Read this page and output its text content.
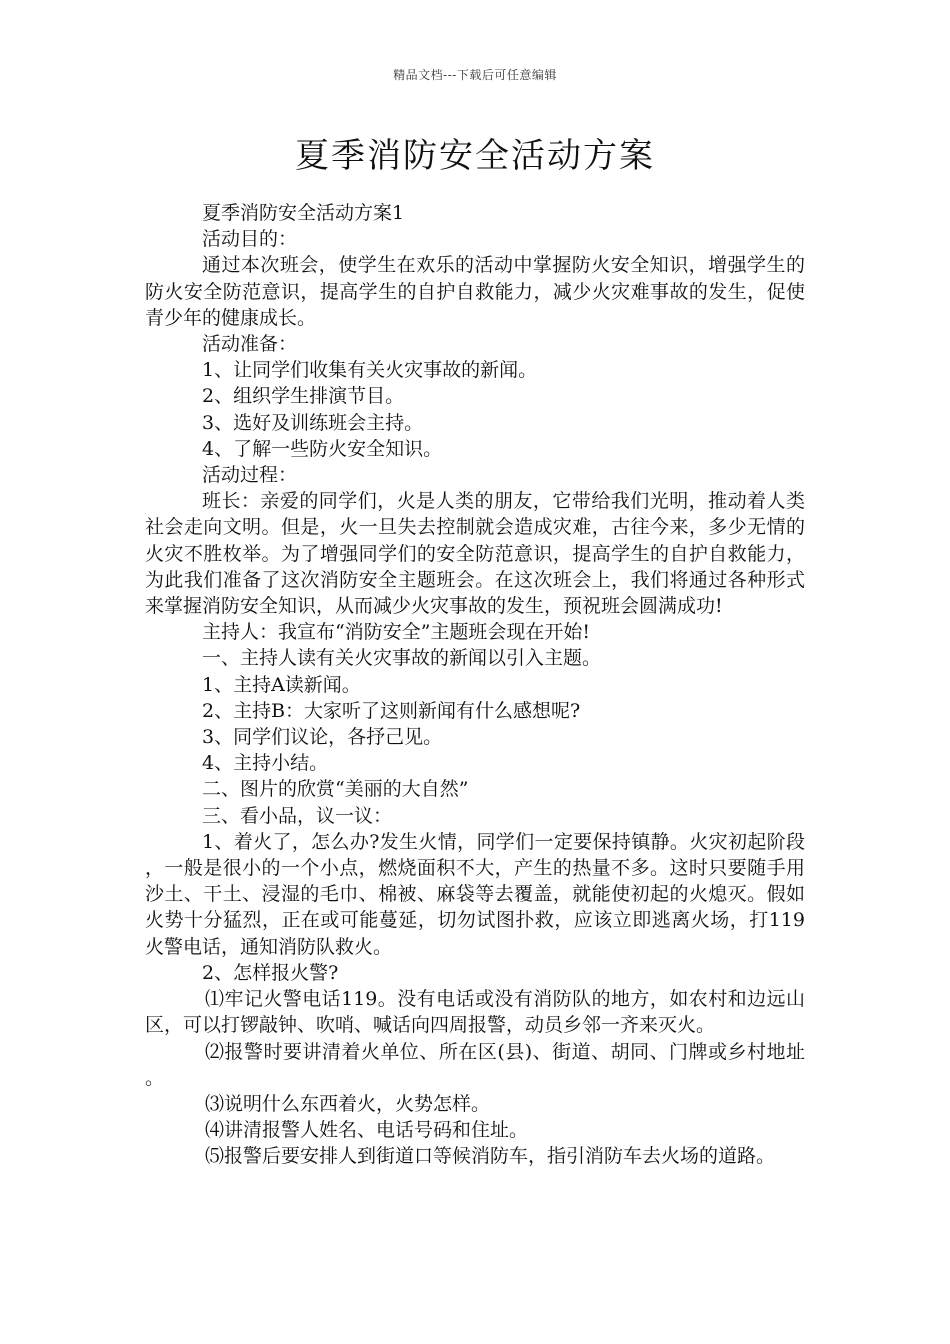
精品文档---下载后可任意编辑
夏季消防安全活动方案

夏季消防安全活动方案1

活动目的：

通过本次班会，使学生在欢乐的活动中掌握防火安全知识，增强学生的防火安全防范意识，提高学生的自护自救能力，减少火灾难事故的发生，促使青少年的健康成长。

活动准备：

1、让同学们收集有关火灾事故的新闻。

2、组织学生排演节目。

3、选好及训练班会主持。

4、了解一些防火安全知识。

活动过程：

班长：亲爱的同学们，火是人类的朋友，它带给我们光明，推动着人类社会走向文明。但是，火一旦失去控制就会造成灾难，古往今来，多少无情的火灾不胜枚举。为了增强同学们的安全防范意识，提高学生的自护自救能力，为此我们准备了这次消防安全主题班会。在这次班会上，我们将通过各种形式来掌握消防安全知识，从而减少火灾事故的发生，预祝班会圆满成功!

主持人：我宣布“消防安全”主题班会现在开始!

一、主持人读有关火灾事故的新闻以引入主题。

1、主持A读新闻。

2、主持B：大家听了这则新闻有什么感想呢?

3、同学们议论，各抒己见。

4、主持小结。

二、图片的欣赏“美丽的大自然”

三、看小品，议一议：

1、着火了，怎么办?发生火情，同学们一定要保持镇静。火灾初起阶段，一般是很小的一个小点，燃烧面积不大，产生的热量不多。这时只要随手用沙土、干土、浸湿的毛巾、棉被、麻袋等去覆盖，就能使初起的火熄灭。假如火势十分猛烈，正在或可能蔓延，切勿试图扑救，应该立即逃离火场，打119火警电话，通知消防队救火。

2、怎样报火警?

⑴牢记火警电话119。没有电话或没有消防队的地方，如农村和边远山区，可以打锣敲钟、吹哨、喊话向四周报警，动员乡邻一齐来灭火。

⑵报警时要讲清着火单位、所在区(县)、街道、胡同、门牌或乡村地址。

⑶说明什么东西着火，火势怎样。

⑷讲清报警人姓名、电话号码和住址。

⑸报警后要安排人到街道口等候消防车，指引消防车去火场的道路。
